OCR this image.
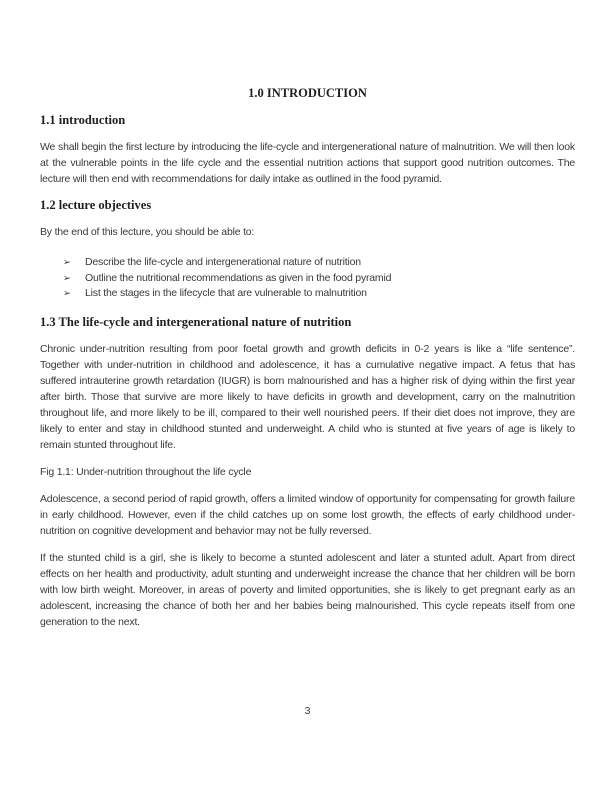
1.0 INTRODUCTION
1.1 introduction

We shall begin the first lecture by introducing the life-cycle and intergenerational nature of malnutrition. We will then look at the vulnerable points in the life cycle and the essential nutrition actions that support good nutrition outcomes. The lecture will then end with recommendations for daily intake as outlined in the food pyramid.

1.2 lecture objectives

By the end of this lecture, you should be able to:

➢	Describe the life-cycle and intergenerational nature of nutrition
➢	Outline the nutritional recommendations as given in the food pyramid
➢	List the stages in the lifecycle that are vulnerable to malnutrition
1.3 The life-cycle and intergenerational nature of nutrition

Chronic under-nutrition resulting from poor foetal growth and growth deficits in 0-2 years is like a “life sentence”. Together with under-nutrition in childhood and adolescence, it has a cumulative negative impact. A fetus that has suffered intrauterine growth retardation (IUGR) is born malnourished and has a higher risk of dying within the first year after birth. Those that survive are more likely to have deficits in growth and development, carry on the malnutrition throughout life, and more likely to be ill, compared to their well nourished peers. If their diet does not improve, they are likely to enter and stay in childhood stunted and underweight. A child who is stunted at five years of age is likely to remain stunted throughout life.

Fig 1.1: Under-nutrition throughout the life cycle

Adolescence, a second period of rapid growth, offers a limited window of opportunity for compensating for growth failure in early childhood. However, even if the child catches up on some lost growth, the effects of early childhood under-nutrition on cognitive development and behavior may not be fully reversed.

If the stunted child is a girl, she is likely to become a stunted adolescent and later a stunted adult. Apart from direct effects on her health and productivity, adult stunting and underweight increase the chance that her children will be born with low birth weight. Moreover, in areas of poverty and limited opportunities, she is likely to get pregnant early as an adolescent, increasing the chance of both her and her babies being malnourished. This cycle repeats itself from one generation to the next.

3
